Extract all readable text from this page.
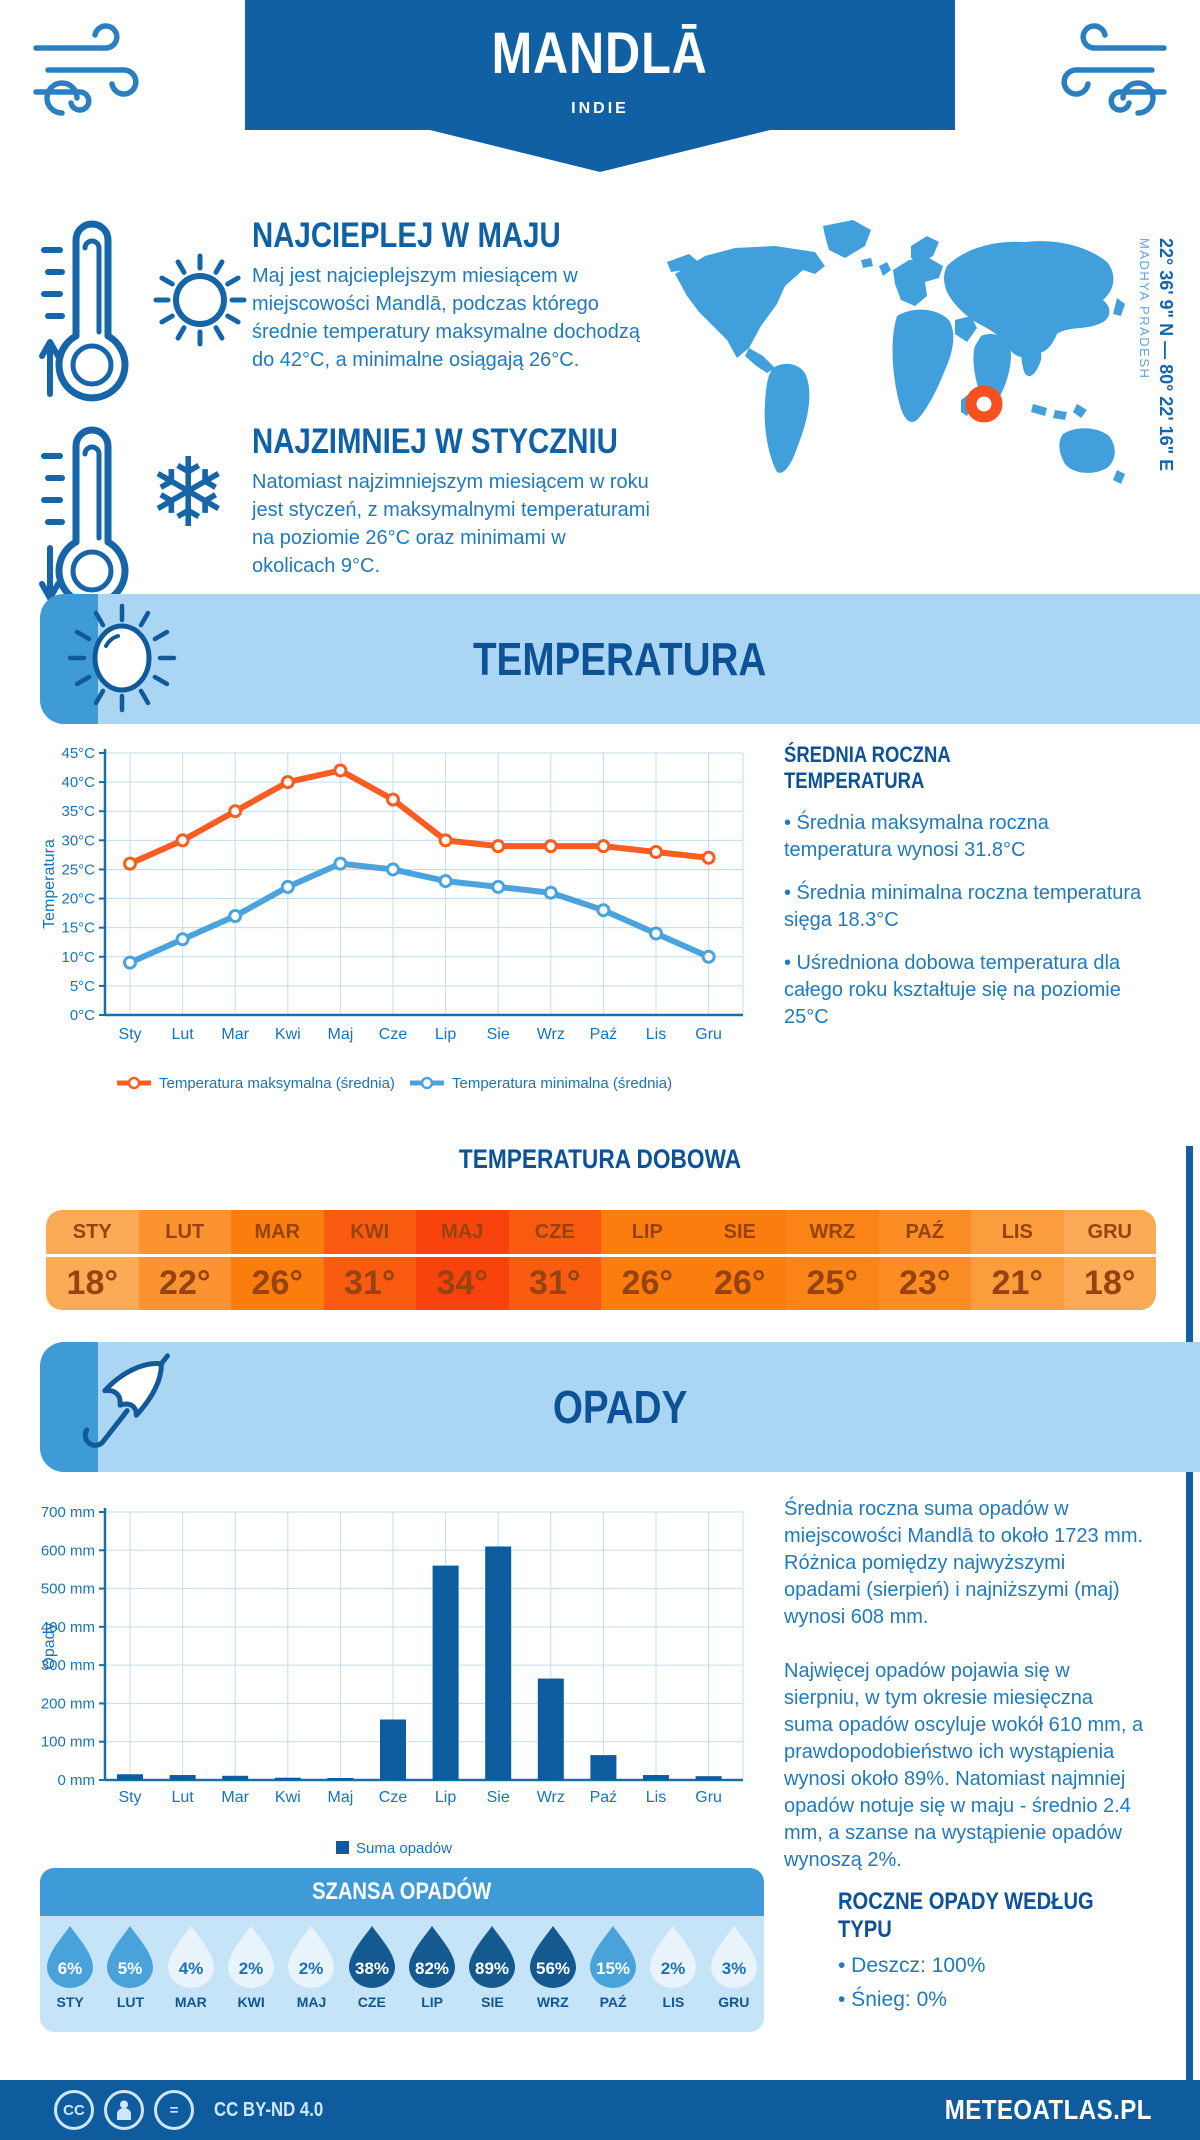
MANDLĀ
INDIE
NAJCIEPLEJ W MAJU
Maj jest najcieplejszym miesiącem w miejscowości Mandlā, podczas którego średnie temperatury maksymalne dochodzą do 42°C, a minimalne osiągają 26°C.
❄ NAJZIMNIEJ W STYCZNIU
Natomiast najzimniejszym miesiącem w roku jest styczeń, z maksymalnymi temperaturami na poziomie 26°C oraz minimami w okolicach 9°C.
22° 36' 9" N — 80° 22' 16" E
MADHYA PRADESH
TEMPERATURA
0°C
5°C
10°C
15°C
20°C
25°C
30°C
35°C
40°C
45°C
Sty Lut Mar Kwi Maj Cze Lip Sie Wrz Paź Lis Gru
Temperatura
Temperatura maksymalna (średnia)	Temperatura minimalna (średnia)
ŚREDNIA ROCZNA TEMPERATURA
• Średnia maksymalna roczna temperatura wynosi 31.8°C
• Średnia minimalna roczna temperatura sięga 18.3°C
• Uśredniona dobowa temperatura dla całego roku kształtuje się na poziomie 25°C
TEMPERATURA DOBOWA
STY
18°
LUT
22°
MAR
26°
KWI
31°
MAJ
34°
CZE
31°
LIP
26°
SIE
26°
WRZ
25°
PAŹ
23°
LIS
21°
GRU
18°
OPADY
0 mm
100 mm
200 mm
300 mm
400 mm
500 mm
600 mm
700 mm
Sty Lut Mar Kwi Maj Cze Lip Sie Wrz Paź Lis Gru
Opady
Suma opadów
Średnia roczna suma opadów w miejscowości Mandlā to około 1723 mm. Różnica pomiędzy najwyższymi opadami (sierpień) i najniższymi (maj) wynosi 608 mm.
Najwięcej opadów pojawia się w sierpniu, w tym okresie miesięczna suma opadów oscyluje wokół 610 mm, a prawdopodobieństwo ich wystąpienia wynosi około 89%. Natomiast najmniej opadów notuje się w maju - średnio 2.4 mm, a szanse na wystąpienie opadów wynoszą 2%.
SZANSA OPADÓW
6%
STY
5%
LUT
4%
MAR
2%
KWI
2%
MAJ
38%
CZE
82%
LIP
89%
SIE
56%
WRZ
15%
PAŹ
2%
LIS
3%
GRU
ROCZNE OPADY WEDŁUG TYPU
• Deszcz: 100%
• Śnieg: 0%
CC	=	CC BY-ND 4.0	METEOATLAS.PL
